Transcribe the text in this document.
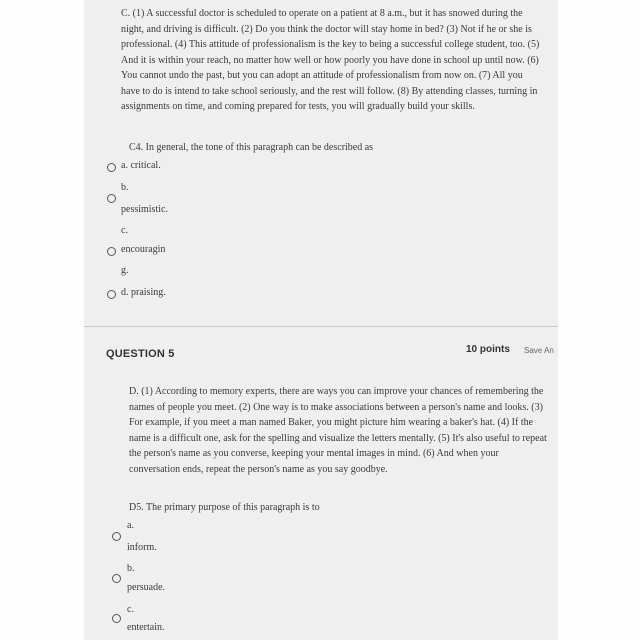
C. (1) A successful doctor is scheduled to operate on a patient at 8 a.m., but it has snowed during the night, and driving is difficult. (2) Do you think the doctor will stay home in bed? (3) Not if he or she is professional. (4) This attitude of professionalism is the key to being a successful college student, too. (5) And it is within your reach, no matter how well or how poorly you have done in school up until now. (6) You cannot undo the past, but you can adopt an attitude of professionalism from now on. (7) All you have to do is intend to take school seriously, and the rest will follow. (8) By attending classes, turning in assignments on time, and coming prepared for tests, you will gradually build your skills.
C4. In general, the tone of this paragraph can be described as
a. critical.
b.
pessimistic.
c.
encouragin
g.
d. praising.
QUESTION 5	10 points Save An
D. (1) According to memory experts, there are ways you can improve your chances of remembering the names of people you meet. (2) One way is to make associations between a person's name and looks. (3) For example, if you meet a man named Baker, you might picture him wearing a baker's hat. (4) If the name is a difficult one, ask for the spelling and visualize the letters mentally. (5) It's also useful to repeat the person's name as you converse, keeping your mental images in mind. (6) And when your conversation ends, repeat the person's name as you say goodbye.
D5. The primary purpose of this paragraph is to
a.
inform.
b.
persuade.
c.
entertain.
